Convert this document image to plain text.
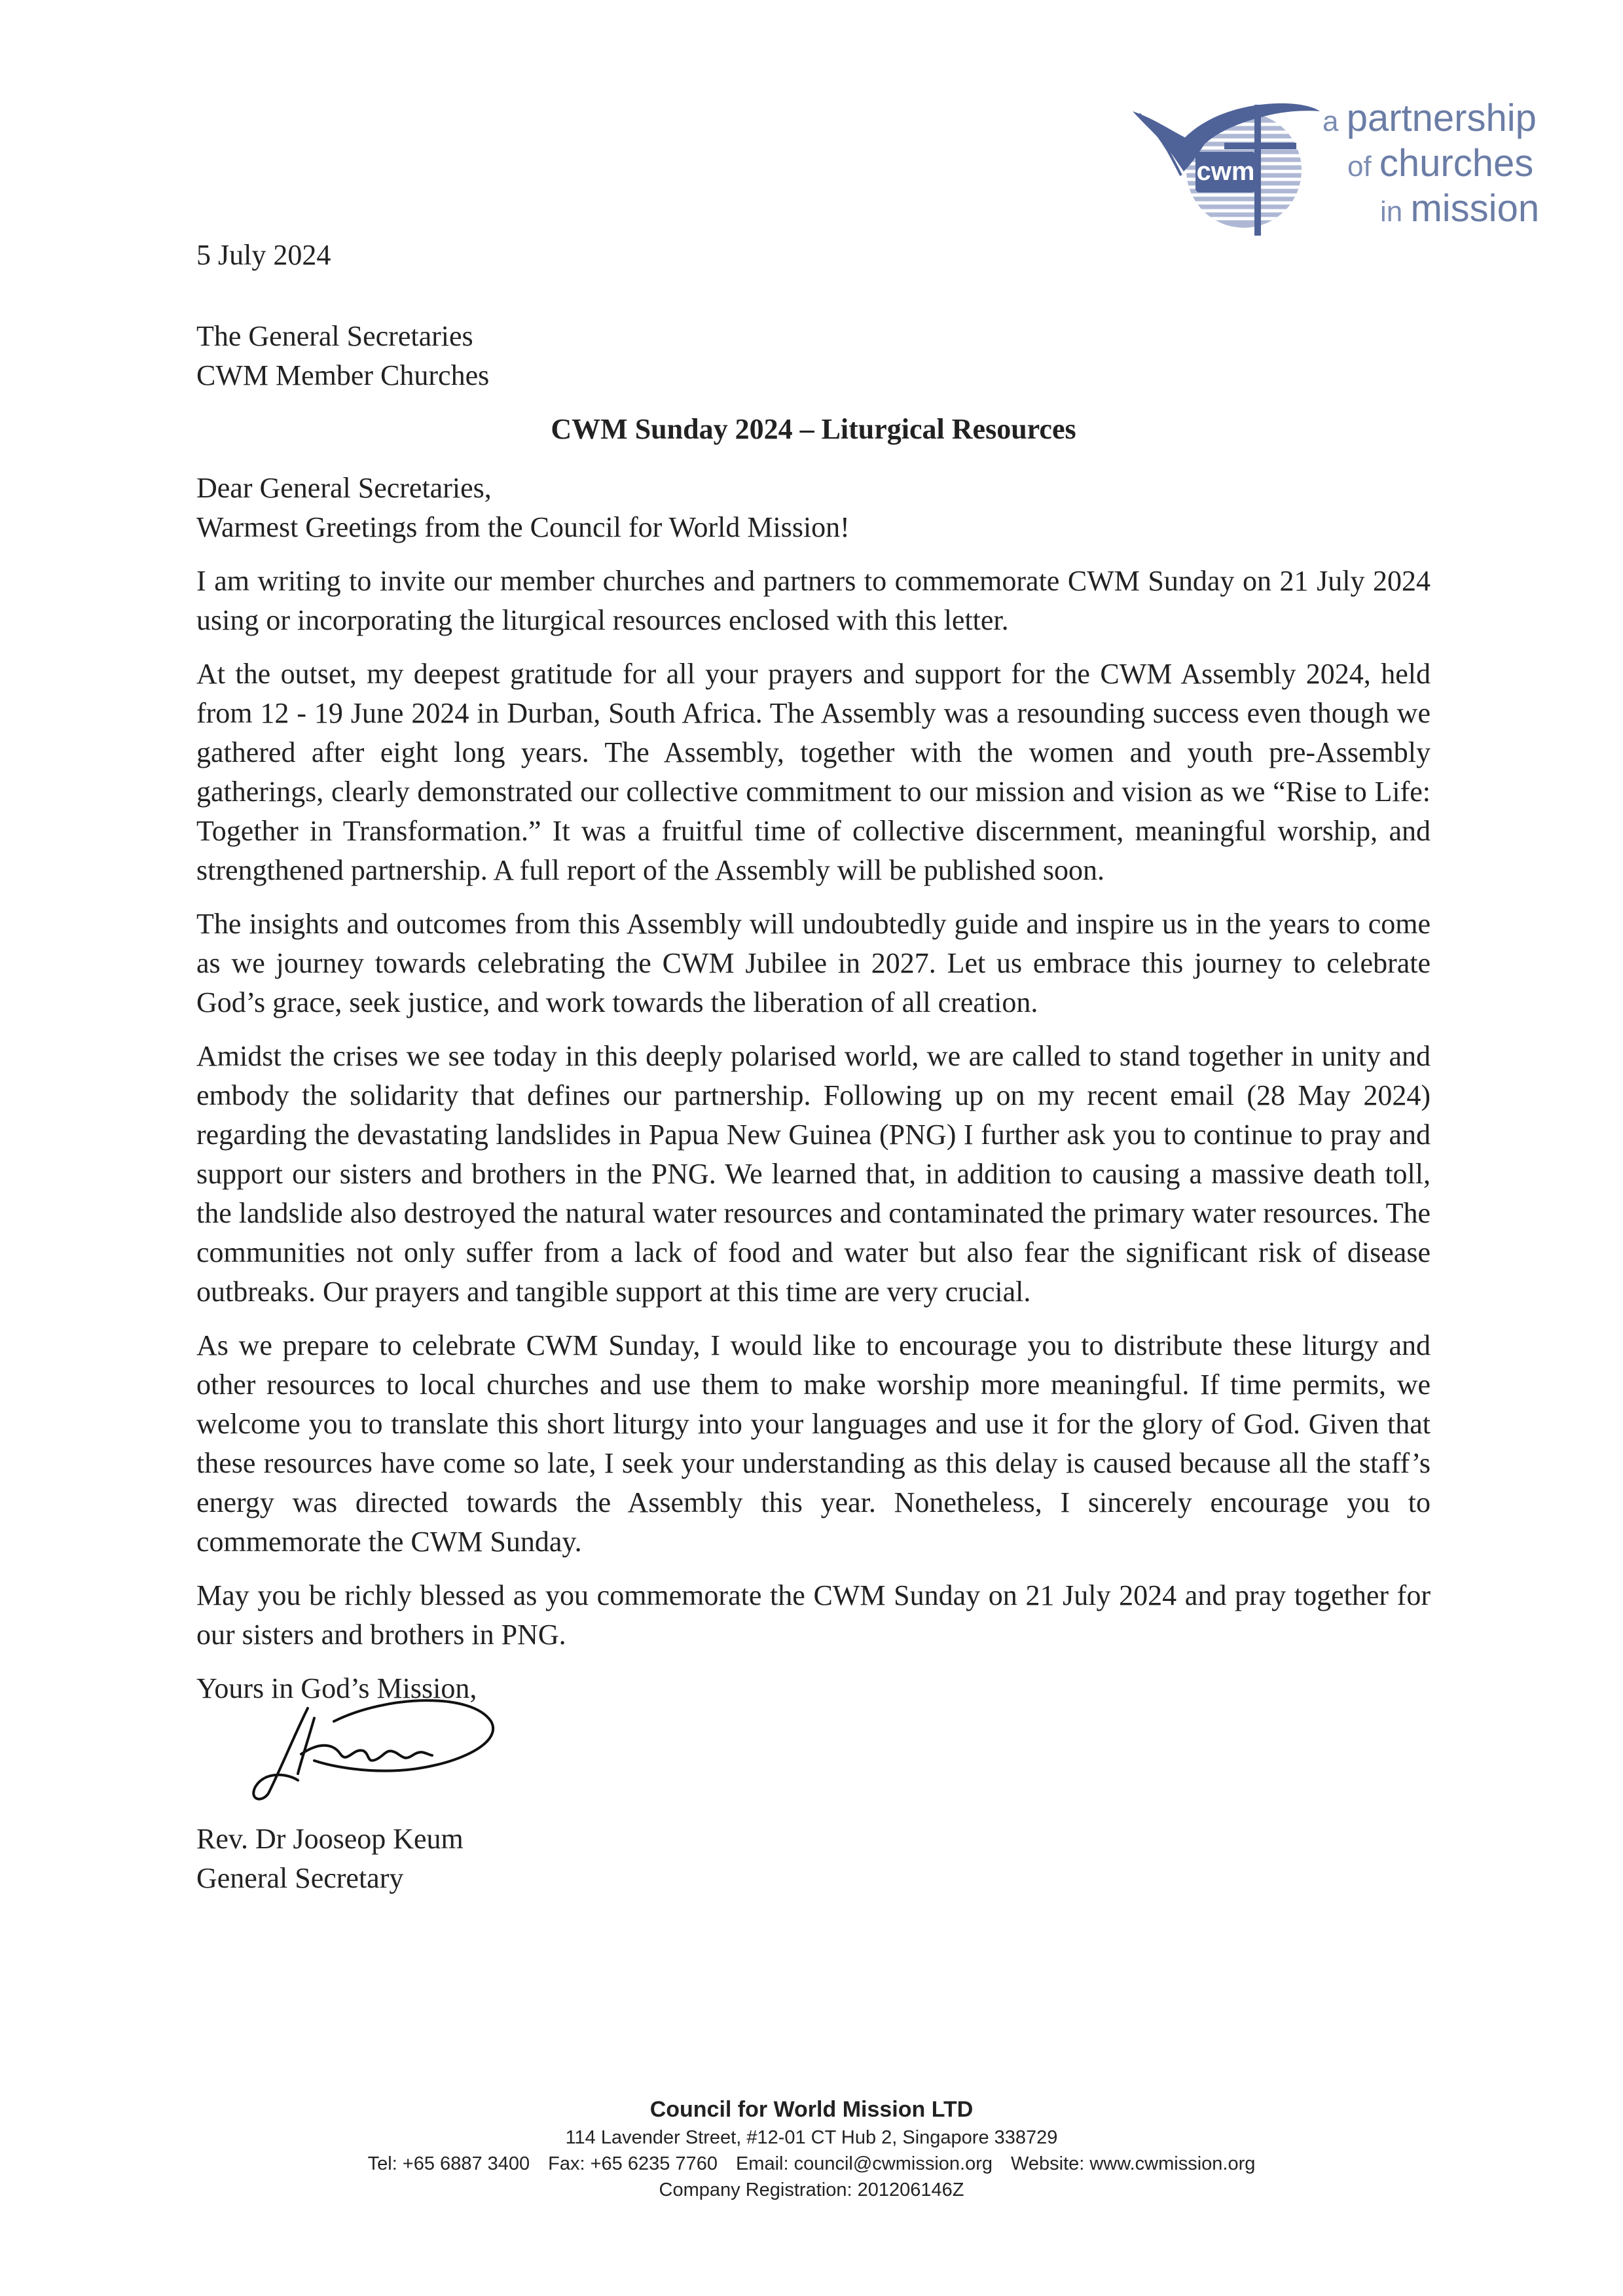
cwm
a partnership
of churches
in mission
5 July 2024
The General Secretaries
CWM Member Churches
CWM Sunday 2024 – Liturgical Resources
Dear General Secretaries,
Warmest Greetings from the Council for World Mission!

I am writing to invite our member churches and partners to commemorate CWM Sunday on 21 July 2024 using or incorporating the liturgical resources enclosed with this letter.

At the outset, my deepest gratitude for all your prayers and support for the CWM Assembly 2024, held from 12 - 19 June 2024 in Durban, South Africa. The Assembly was a resounding success even though we gathered after eight long years. The Assembly, together with the women and youth pre-Assembly gatherings, clearly demonstrated our collective commitment to our mission and vision as we “Rise to Life: Together in Transformation.” It was a fruitful time of collective discernment, meaningful worship, and strengthened partnership. A full report of the Assembly will be published soon.

The insights and outcomes from this Assembly will undoubtedly guide and inspire us in the years to come as we journey towards celebrating the CWM Jubilee in 2027. Let us embrace this journey to celebrate God’s grace, seek justice, and work towards the liberation of all creation.

Amidst the crises we see today in this deeply polarised world, we are called to stand together in unity and embody the solidarity that defines our partnership. Following up on my recent email (28 May 2024) regarding the devastating landslides in Papua New Guinea (PNG) I further ask you to continue to pray and support our sisters and brothers in the PNG. We learned that, in addition to causing a massive death toll, the landslide also destroyed the natural water resources and contaminated the primary water resources. The communities not only suffer from a lack of food and water but also fear the significant risk of disease outbreaks. Our prayers and tangible support at this time are very crucial.

As we prepare to celebrate CWM Sunday, I would like to encourage you to distribute these liturgy and other resources to local churches and use them to make worship more meaningful. If time permits, we welcome you to translate this short liturgy into your languages and use it for the glory of God. Given that these resources have come so late, I seek your understanding as this delay is caused because all the staff’s energy was directed towards the Assembly this year. Nonetheless, I sincerely encourage you to commemorate the CWM Sunday.

May you be richly blessed as you commemorate the CWM Sunday on 21 July 2024 and pray together for our sisters and brothers in PNG.

Yours in God’s Mission,
Rev. Dr Jooseop Keum
General Secretary
Council for World Mission LTD
114 Lavender Street, #12-01 CT Hub 2, Singapore 338729
Tel: +65 6887 3400 Fax: +65 6235 7760 Email: council@cwmission.org Website: www.cwmission.org
Company Registration: 201206146Z
